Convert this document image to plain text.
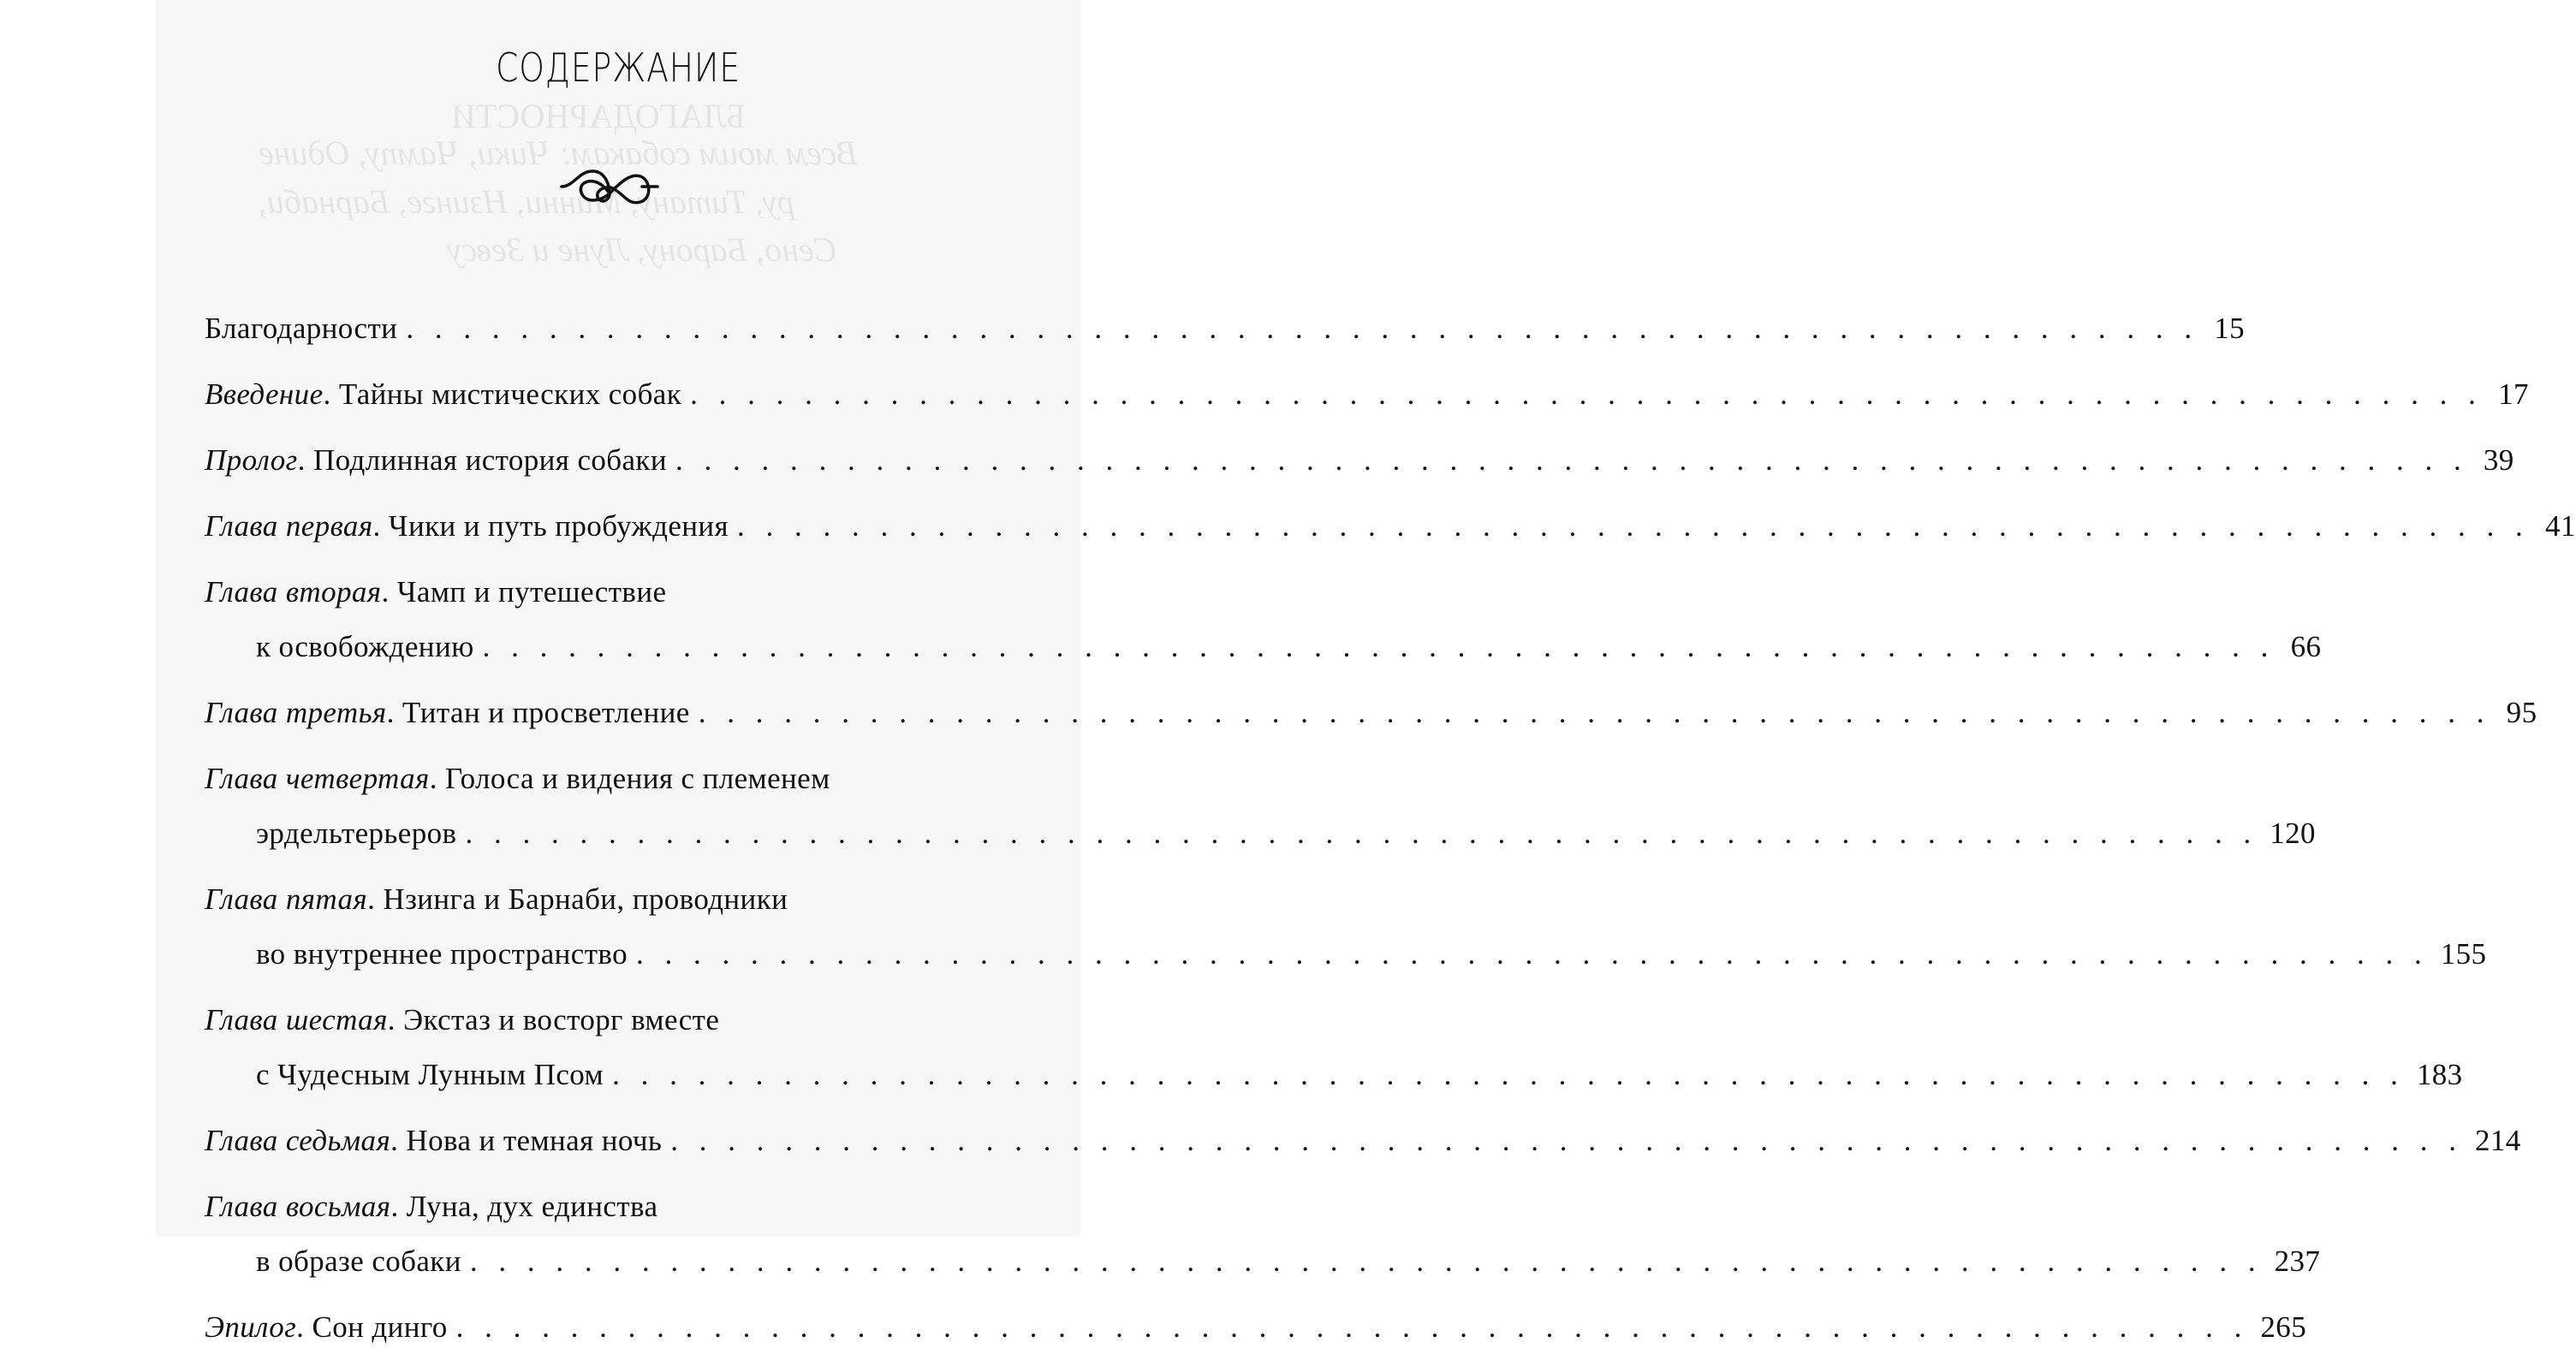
БЛАГОДАРНОСТИ
Всем моим собакам: Чики, Чампу, Одине
ру, Титану, Минни, Нзинге, Барнаби,
Сено, Барону, Луне и Зевсу
СОДЕРЖАНИЕ
Благодарности . . .	15
Введение. Тайны мистических собак . . .	17
Пролог. Подлинная история собаки . . .	39
Глава первая. Чики и путь пробуждения . . .	41
Глава вторая. Чамп и путешествие
к освобождению . . .	66
Глава третья. Титан и просветление . . .	95
Глава четвертая. Голоса и видения с племенем
эрдельтерьеров . . .	120
Глава пятая. Нзинга и Барнаби, проводники
во внутреннее пространство . . .	155
Глава шестая. Экстаз и восторг вместе
с Чудесным Лунным Псом . . .	183
Глава седьмая. Нова и темная ночь . . .	214
Глава восьмая. Луна, дух единства
в образе собаки . . .	237
Эпилог. Сон динго . . .	265
